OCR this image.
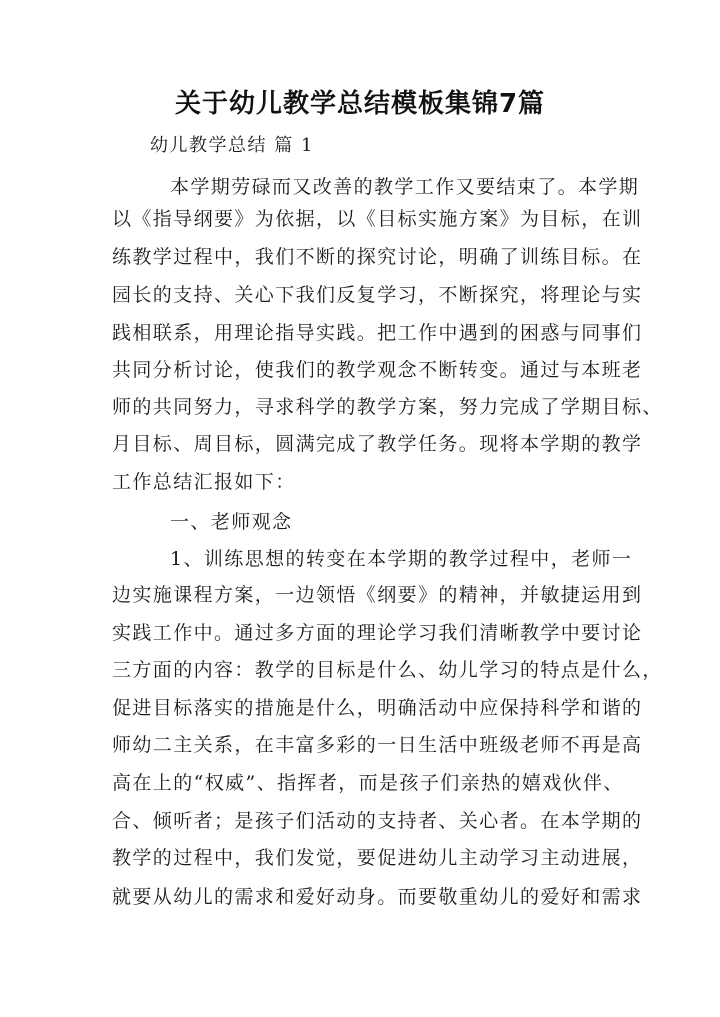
关于幼儿教学总结模板集锦7篇
幼儿教学总结 篇 1
本学期劳碌而又改善的教学工作又要结束了。本学期
以《指导纲要》为依据，以《目标实施方案》为目标，在训
练教学过程中，我们不断的探究讨论，明确了训练目标。在
园长的支持、关心下我们反复学习，不断探究，将理论与实
践相联系，用理论指导实践。把工作中遇到的困惑与同事们
共同分析讨论，使我们的教学观念不断转变。通过与本班老
师的共同努力，寻求科学的教学方案，努力完成了学期目标、
月目标、周目标，圆满完成了教学任务。现将本学期的教学
工作总结汇报如下：
一、老师观念
1、训练思想的转变在本学期的教学过程中，老师一
边实施课程方案，一边领悟《纲要》的精神，并敏捷运用到
实践工作中。通过多方面的理论学习我们清晰教学中要讨论
三方面的内容：教学的目标是什么、幼儿学习的特点是什么，
促进目标落实的措施是什么，明确活动中应保持科学和谐的
师幼二主关系，在丰富多彩的一日生活中班级老师不再是高
高在上的“权威”、指挥者，而是孩子们亲热的嬉戏伙伴、
合、倾听者；是孩子们活动的支持者、关心者。在本学期的
教学的过程中，我们发觉，要促进幼儿主动学习主动进展，
就要从幼儿的需求和爱好动身。而要敬重幼儿的爱好和需求
